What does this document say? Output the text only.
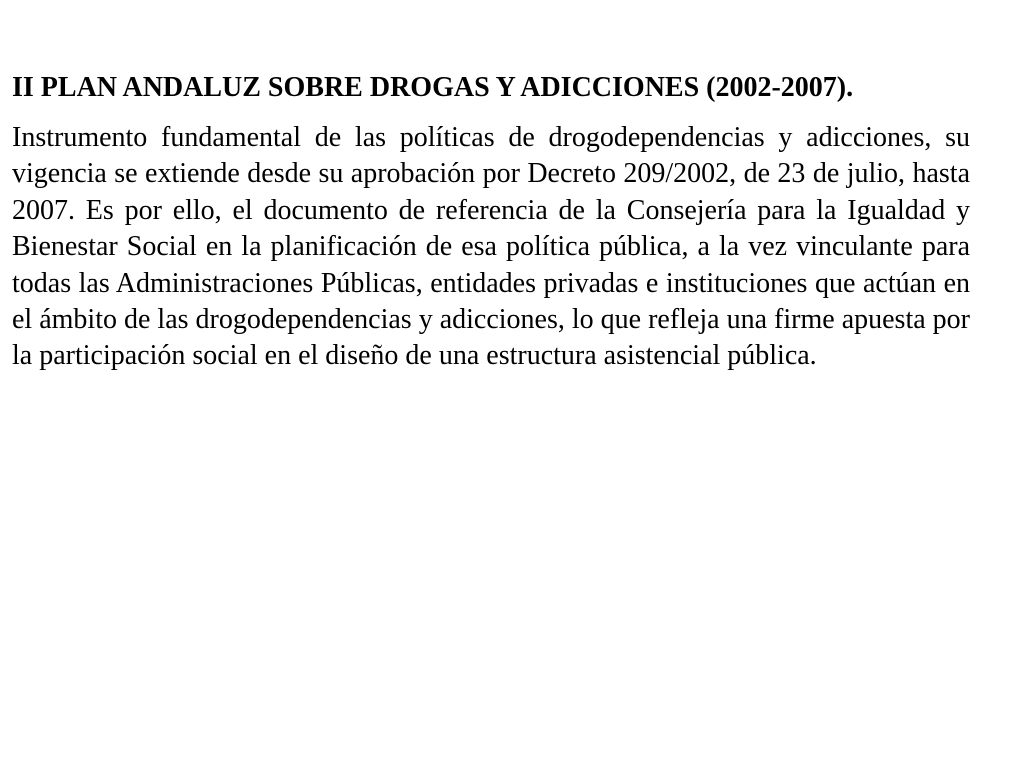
II PLAN ANDALUZ SOBRE DROGAS Y ADICCIONES (2002-2007).

Instrumento fundamental de las políticas de drogodependencias y adicciones, su vigencia se extiende desde su aprobación por Decreto 209/2002, de 23 de julio, hasta 2007. Es por ello, el documento de referencia de la Consejería para la Igualdad y Bienestar Social en la planificación de esa política pública, a la vez vinculante para todas las Administraciones Públicas, entidades privadas e instituciones que actúan en el ámbito de las drogodependencias y adicciones, lo que refleja una firme apuesta por la participación social en el diseño de una estructura asistencial pública.
